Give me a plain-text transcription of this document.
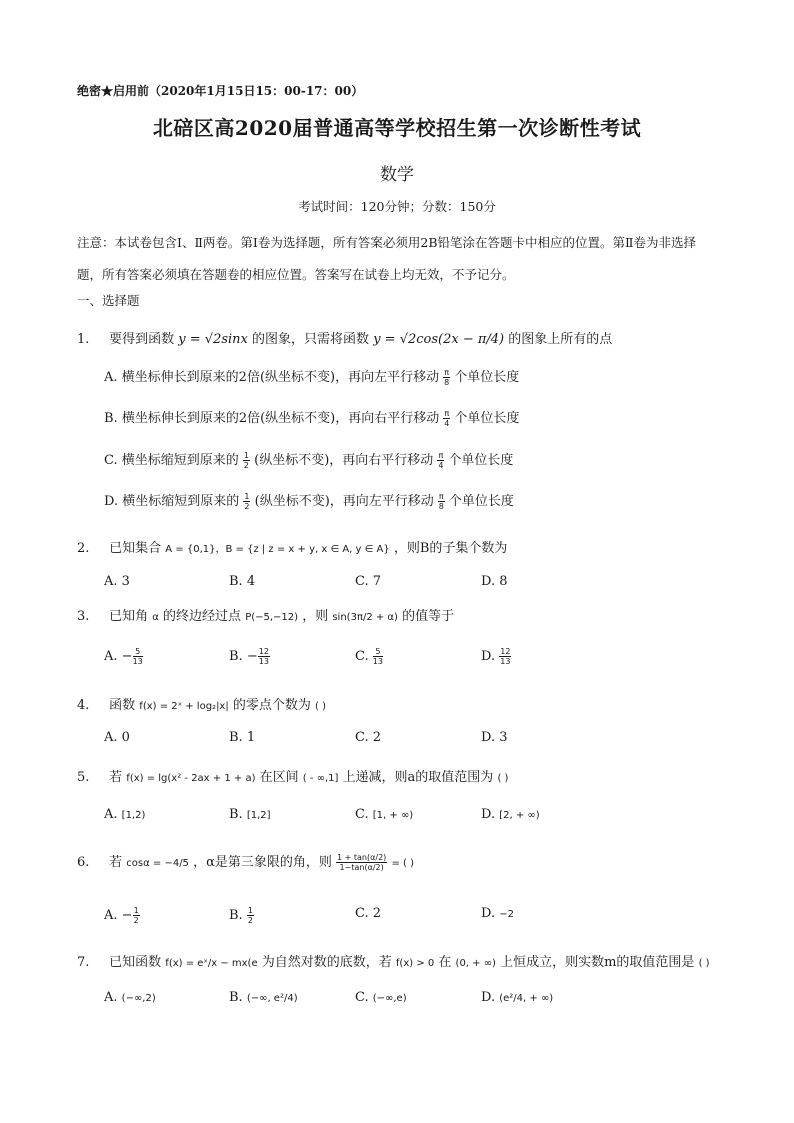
绝密★启用前（2020年1月15日15：00-17：00）
北碚区高2020届普通高等学校招生第一次诊断性考试
数学
考试时间：120分钟；分数：150分
注意：本试卷包含Ⅰ、Ⅱ两卷。第Ⅰ卷为选择题，所有答案必须用2B铅笔涂在答题卡中相应的位置。第Ⅱ卷为非选择题，所有答案必须填在答题卷的相应位置。答案写在试卷上均无效，不予记分。
一、选择题
1. 要得到函数 y = √2sinx 的图象，只需将函数 y = √2cos(2x − π/4) 的图象上所有的点
A. 横坐标伸长到原来的2倍(纵坐标不变)，再向左平行移动 $\frac{\pi}{8}$ 个单位长度
B. 横坐标伸长到原来的2倍(纵坐标不变)，再向右平行移动 $\frac{\pi}{4}$ 个单位长度
C. 横坐标缩短到原来的 $\frac{1}{2}$ (纵坐标不变)，再向右平行移动 $\frac{\pi}{4}$ 个单位长度
D. 横坐标缩短到原来的 $\frac{1}{2}$ (纵坐标不变)，再向左平行移动 $\frac{\pi}{8}$ 个单位长度
2. 已知集合 A = {0,1}，B = {z | z = x + y, x ∈ A, y ∈ A} ，则B的子集个数为
A. 3	B. 4	C. 7	D. 8
3. 已知角 α 的终边经过点 P(−5,−12) ，则 sin(3π/2 + α) 的值等于
A. − $\frac{5}{13}$	B. − $\frac{12}{13}$	C. $\frac{5}{13}$	D. $\frac{12}{13}$
4. 函数 f(x) = 2ˣ + log₂|x| 的零点个数为 ( )
A. 0	B. 1	C. 2	D. 3
5. 若 f(x) = lg(x² - 2ax + 1 + a) 在区间 ( - ∞,1] 上递减，则a的取值范围为 ( )
A. [1,2)	B. [1,2]	C. [1, + ∞)	D. [2, + ∞)
6. 若 cosα = −4/5 ，α是第三象限的角，则 $\frac{1 + \tan(\alpha/2)}{1-\tan(\alpha/2)}$ = ( )
A. − $\frac{1}{2}$	B. $\frac{1}{2}$	C. 2	D. −2
7. 已知函数 f(x) = eˣ/x − mx(e 为自然对数的底数，若 f(x) > 0 在 (0, + ∞) 上恒成立，则实数m的取值范围是 ( )
A. (−∞,2)	B. (−∞, e²/4)	C. (−∞,e)	D. (e²/4, + ∞)
